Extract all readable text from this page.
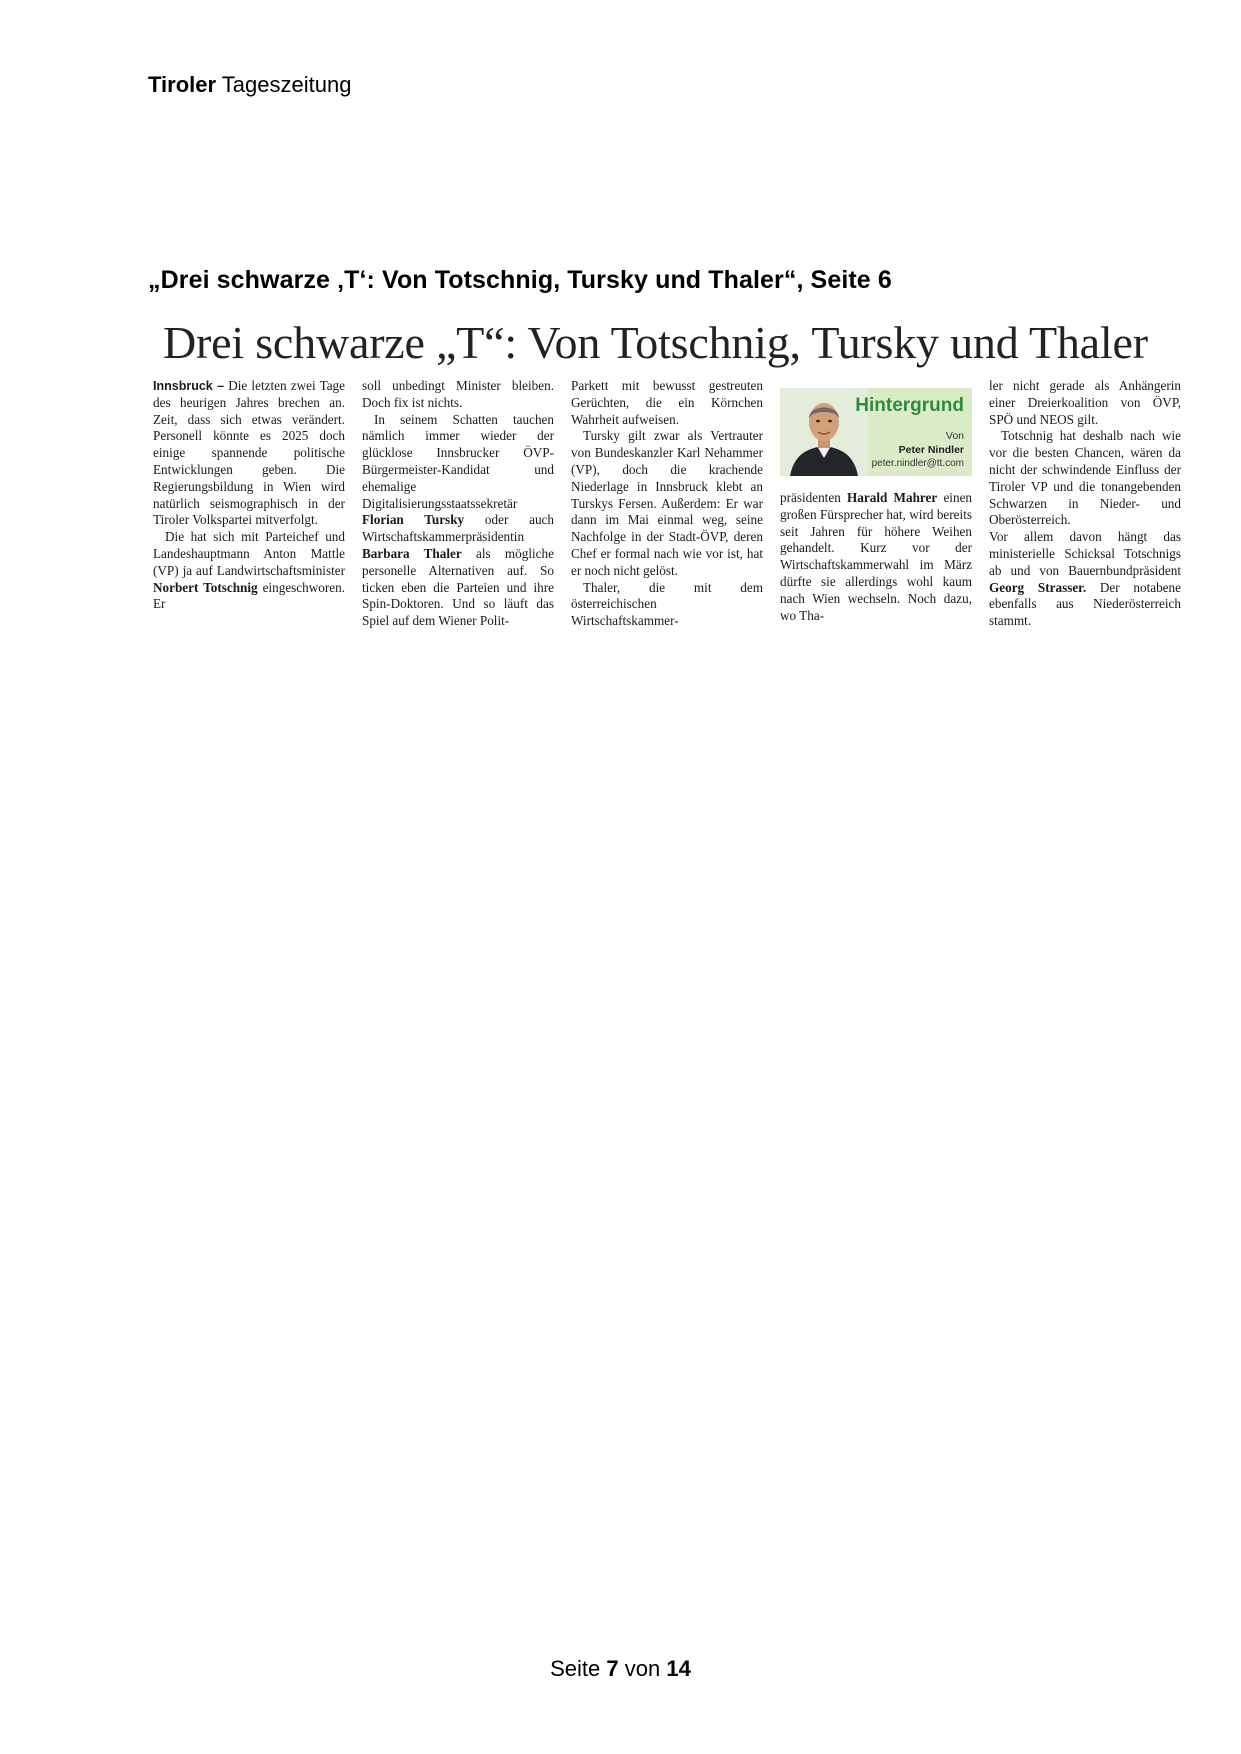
Tiroler Tageszeitung
„Drei schwarze ‚T‘: Von Totschnig, Tursky und Thaler“, Seite 6
Drei schwarze „T“: Von Totschnig, Tursky und Thaler

Innsbruck – Die letzten zwei Tage des heurigen Jahres brechen an. Zeit, dass sich etwas verändert. Personell könnte es 2025 doch einige spannende politische Entwicklungen geben. Die Regierungsbildung in Wien wird natürlich seismographisch in der Tiroler Volkspartei mitverfolgt.

Die hat sich mit Parteichef und Landeshauptmann Anton Mattle (VP) ja auf Landwirtschaftsminister Norbert Totschnig eingeschworen. Er

soll unbedingt Minister bleiben. Doch fix ist nichts.

In seinem Schatten tauchen nämlich immer wieder der glücklose Innsbrucker ÖVP-Bürgermeister-Kandidat und ehemalige Digitalisierungsstaatssekretär Florian Tursky oder auch Wirtschaftskammerpräsidentin Barbara Thaler als mögliche personelle Alternativen auf. So ticken eben die Parteien und ihre Spin-Doktoren. Und so läuft das Spiel auf dem Wiener Polit-

Parkett mit bewusst gestreuten Gerüchten, die ein Körnchen Wahrheit aufweisen.

Tursky gilt zwar als Vertrauter von Bundeskanzler Karl Nehammer (VP), doch die krachende Niederlage in Innsbruck klebt an Turskys Fersen. Außerdem: Er war dann im Mai einmal weg, seine Nachfolge in der Stadt-ÖVP, deren Chef er formal nach wie vor ist, hat er noch nicht gelöst.

Thaler, die mit dem österreichischen Wirtschaftskammer-

Hintergrund
Von
Peter Nindler
peter.nindler@tt.com

präsidenten Harald Mahrer einen großen Fürsprecher hat, wird bereits seit Jahren für höhere Weihen gehandelt. Kurz vor der Wirtschaftskammerwahl im März dürfte sie allerdings wohl kaum nach Wien wechseln. Noch dazu, wo Tha-

ler nicht gerade als Anhängerin einer Dreierkoalition von ÖVP, SPÖ und NEOS gilt.

Totschnig hat deshalb nach wie vor die besten Chancen, wären da nicht der schwindende Einfluss der Tiroler VP und die tonangebenden Schwarzen in Nieder- und Oberösterreich.

Vor allem davon hängt das ministerielle Schicksal Totschnigs ab und von Bauernbundpräsident Georg Strasser. Der notabene ebenfalls aus Niederösterreich stammt.

Seite 7 von 14
